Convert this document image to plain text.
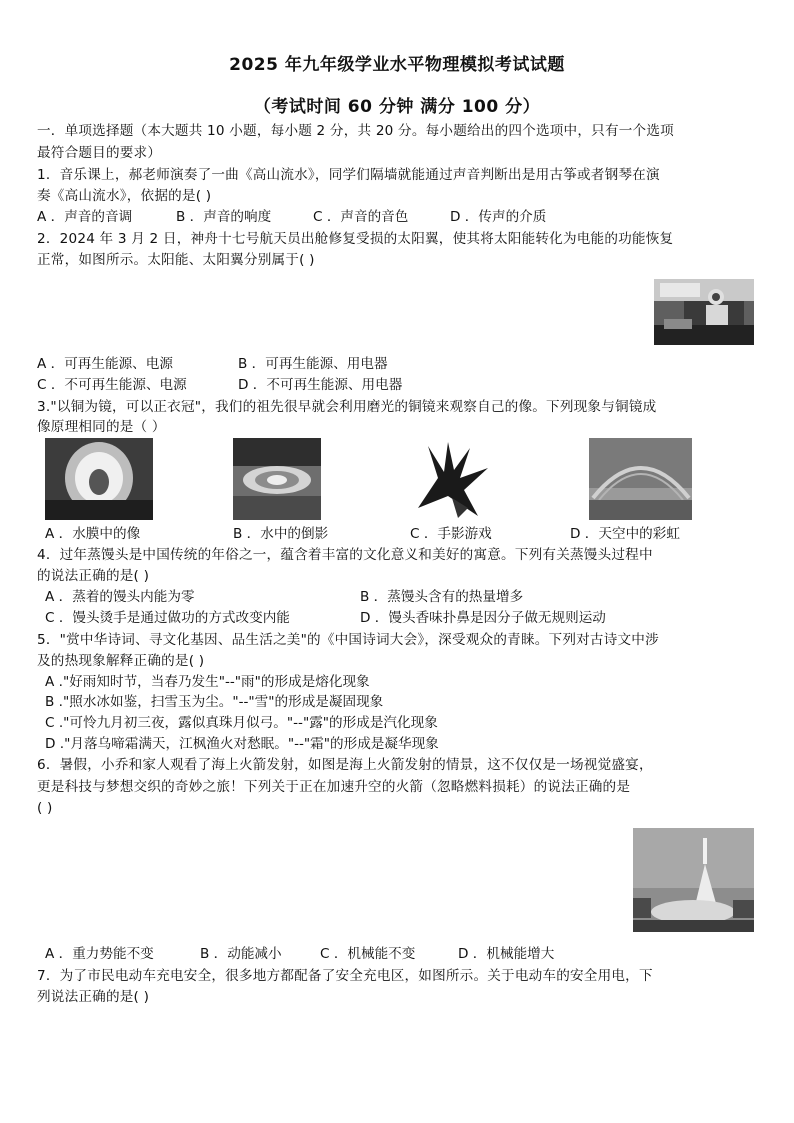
2025 年九年级学业水平物理模拟考试试题
（考试时间 60 分钟 满分 100 分）
一．单项选择题（本大题共 10 小题，每小题 2 分，共 20 分。每小题给出的四个选项中，只有一个选项
最符合题目的要求）
1．音乐课上，郝老师演奏了一曲《高山流水》，同学们隔墙就能通过声音判断出是用古筝或者钢琴在演
奏《高山流水》，依据的是( )
A ．声音的音调	B ．声音的响度	C ．声音的音色	D ．传声的介质
2．2024 年 3 月 2 日，神舟十七号航天员出舱修复受损的太阳翼，使其将太阳能转化为电能的功能恢复
正常，如图所示。太阳能、太阳翼分别属于( )
A ．可再生能源、电源	B ．可再生能源、用电器
C ．不可再生能源、电源	D ．不可再生能源、用电器
3."以铜为镜，可以正衣冠"，我们的祖先很早就会利用磨光的铜镜来观察自己的像。下列现象与铜镜成
像原理相同的是（ ）
A ．水膜中的像	B ．水中的倒影	C ．手影游戏	D ．天空中的彩虹
4．过年蒸馒头是中国传统的年俗之一，蕴含着丰富的文化意义和美好的寓意。下列有关蒸馒头过程中
的说法正确的是( )
A ．蒸着的馒头内能为零	B ．蒸馒头含有的热量增多
C ．馒头烫手是通过做功的方式改变内能	D ．馒头香味扑鼻是因分子做无规则运动
5．"赏中华诗词、寻文化基因、品生活之美"的《中国诗词大会》，深受观众的青睐。下列对古诗文中涉
及的热现象解释正确的是( )
A ."好雨知时节，当春乃发生"--"雨"的形成是熔化现象
B ."照水冰如鉴，扫雪玉为尘。"--"雪"的形成是凝固现象
C ."可怜九月初三夜，露似真珠月似弓。"--"露"的形成是汽化现象
D ."月落乌啼霜满天，江枫渔火对愁眠。"--"霜"的形成是凝华现象
6．暑假，小乔和家人观看了海上火箭发射，如图是海上火箭发射的情景，这不仅仅是一场视觉盛宴，
更是科技与梦想交织的奇妙之旅！下列关于正在加速升空的火箭（忽略燃料损耗）的说法正确的是
( )
A ．重力势能不变	B ．动能减小	C ．机械能不变	D ．机械能增大
7．为了市民电动车充电安全，很多地方都配备了安全充电区，如图所示。关于电动车的安全用电，下
列说法正确的是( )
